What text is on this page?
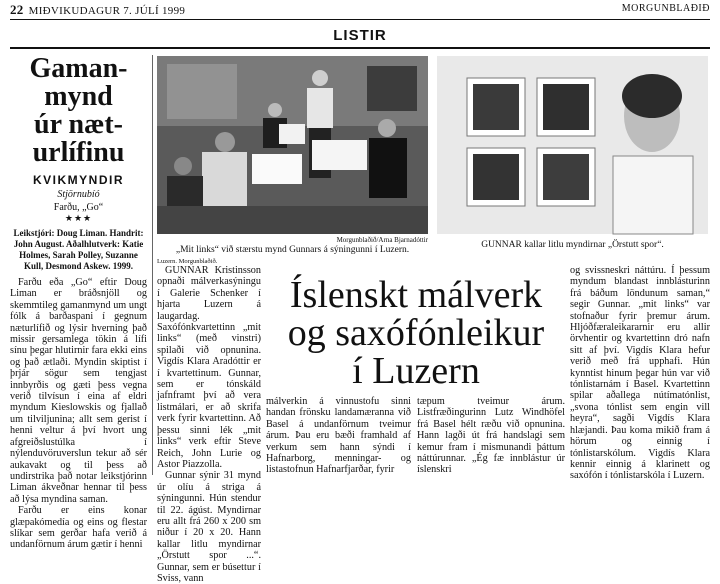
22 MIÐVIKUDAGUR 7. JÚLÍ 1999	MORGUNBLAÐIÐ
LISTIR
Gaman-
mynd
úr næt-
urlífinu
KVIKMYNDIR
Stjörnubíó
Farðu, „Go“
★★★
Leikstjóri: Doug Liman. Handrit: John August. Aðalhlutverk: Katie Holmes, Sarah Polley, Suzanne Kull, Desmond Askew. 1999.

Farðu eða „Go“ eftir Doug Liman er bráðsnjöll og skemmtileg gamanmynd um ungt fólk á barðaspani í gegnum næturlífið og lýsir hverning það missir gersamlega tökin á lífi sínu þegar hlutirnir fara ekki eins og það ætlaði. Myndin skiptist í þrjár sögur sem tengjast innbyrðis og gæti þess vegna verið tilvísun í eina af eldri myndum Kieslowskis og fjallað um tilviljunina; allt sem gerist í henni veltur á því hvort ung afgreiðslustúlka í nýlenduvöruverslun tekur að sér aukavakt og til þess að undirstrika það notar leikstjórinn Liman ákveðnar hennar til þess að lýsa myndina saman.

Farðu er eins konar glæpakómedía og eins og flestar slíkar sem gerðar hafa verið á undanförnum árum gætir í henni

Morgunblaðið/Arna Bjarnadóttir
„Mit links“ við stærstu mynd Gunnars á sýningunni í Luzern.	GUNNAR kallar litlu myndirnar „Örstutt spor“.
Luzern. Morgunblaðið.

GUNNAR Kristinsson opnaði málverkasýningu í Galerie Schenker í hjarta Luzern á laugardag. Saxófónkvartettinn „mit links“ (með vinstri) spilaði við opnunina. Vigdís Klara Aradóttir er í kvartettinum. Gunnar, sem er tónskáld jafnframt því að vera listmálari, er að skrifa verk fyrir kvartettinn. Að þessu sinni lék „mit links“ verk eftir Steve Reich, John Lurie og Astor Piazzolla.

Gunnar sýnir 31 mynd úr olíu á striga á sýningunni. Hún stendur til 22. ágúst. Myndirnar eru allt frá 260 x 200 sm niður í 20 x 20. Hann kallar litlu myndirnar „Örstutt spor ...“. Gunnar, sem er búsettur í Sviss, vann

Íslenskt málverk
og saxófónleikur
í Luzern

málverkin á vinnustofu sinni handan frönsku landamæranna við Basel á undanförnum tveimur árum. Þau eru bæði framhald af verkum sem hann sýndi í Hafnarborg, menningar- og listastofnun Hafnarfjarðar, fyrir

tæpum tveimur árum. Listfræðingurinn Lutz Windhöfel frá Basel hélt ræðu við opnunina. Hann lagði út frá handslagi sem kemur fram í mismunandi þáttum náttúrunnar. „Ég fæ innblástur úr íslenskri

og svissneskri náttúru. Í þessum myndum blandast innblásturinn frá báðum löndunum saman,“ segir Gunnar. „mit links“ var stofnaður fyrir þremur árum. Hljóðfæraleikararnir eru allir örvhentir og kvartettinn dró nafn sitt af því. Vigdís Klara hefur verið með frá upphafi. Hún kynntist hinum þegar hún var við tónlistarnám í Basel. Kvartettinn spilar aðallega nútímatónlist, „svona tónlist sem engin vill heyra“, sagði Vigdís Klara hlæjandi. Þau koma mikið fram á hörum og einnig í tónlistarskólum. Vigdís Klara kennir einnig á klarinett og saxófón í tónlistarskóla í Luzern.
